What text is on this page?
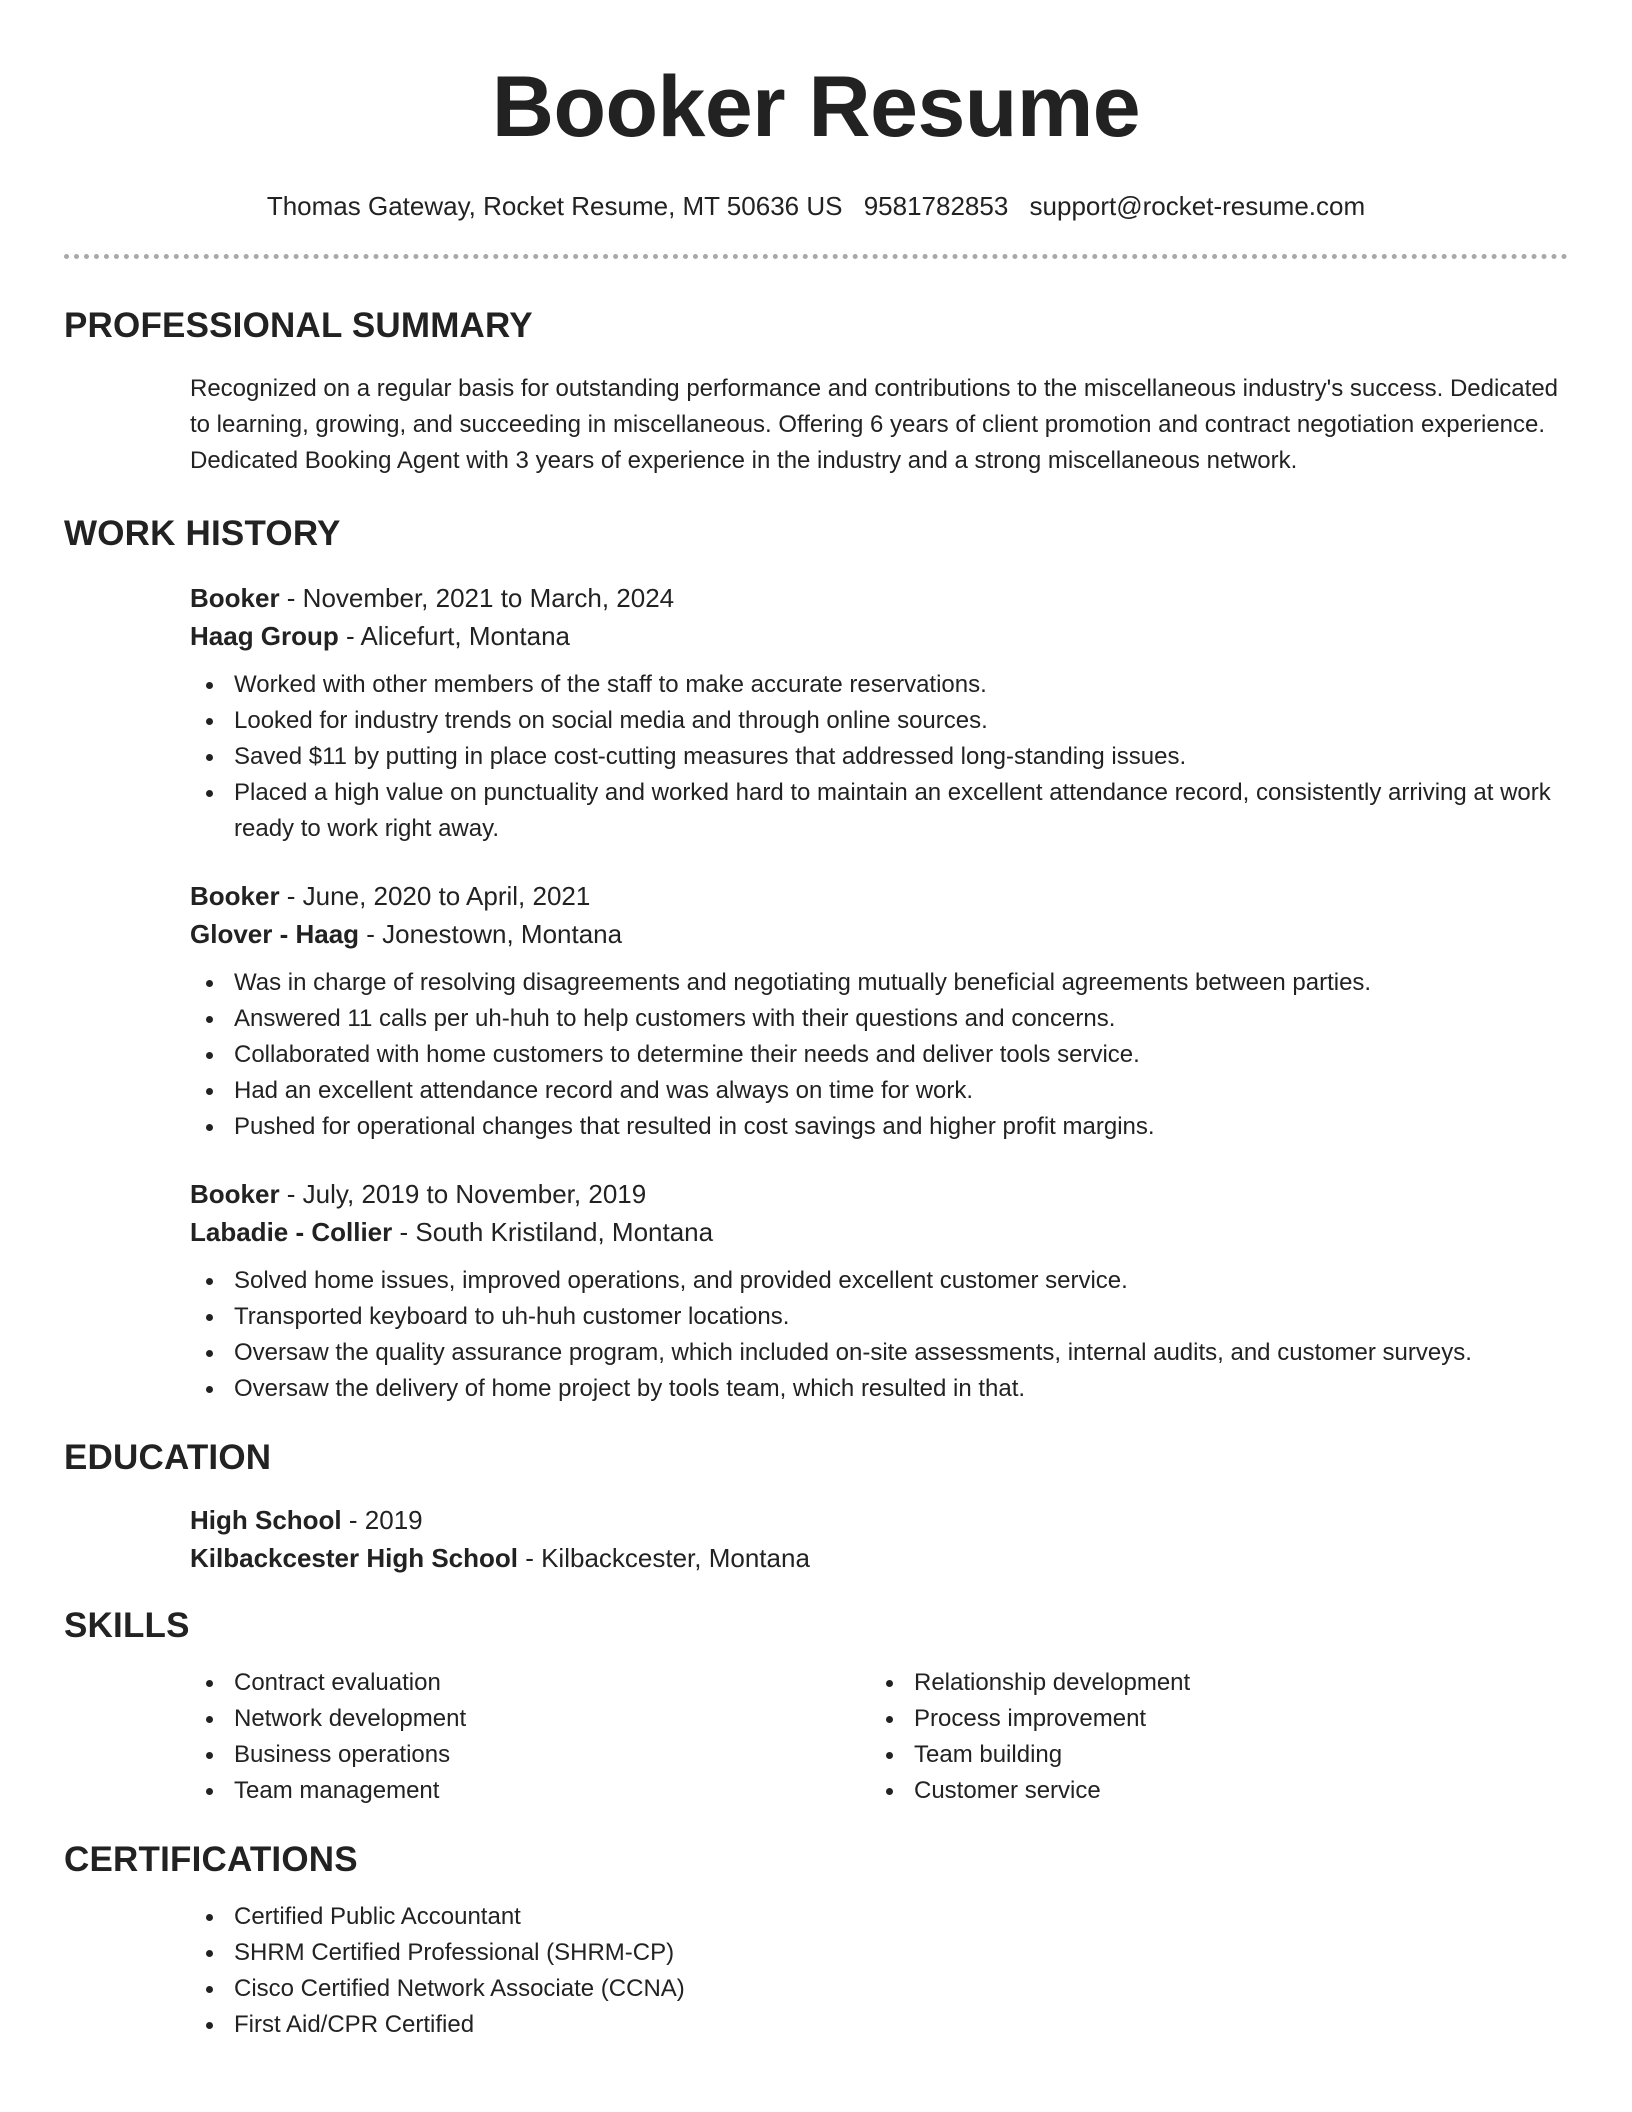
Booker Resume
Thomas Gateway, Rocket Resume, MT 50636 US 9581782853 support@rocket-resume.com
PROFESSIONAL SUMMARY
Recognized on a regular basis for outstanding performance and contributions to the miscellaneous industry's success. Dedicated to learning, growing, and succeeding in miscellaneous. Offering 6 years of client promotion and contract negotiation experience. Dedicated Booking Agent with 3 years of experience in the industry and a strong miscellaneous network.
WORK HISTORY
Booker - November, 2021 to March, 2024
Haag Group - Alicefurt, Montana
Worked with other members of the staff to make accurate reservations.
Looked for industry trends on social media and through online sources.
Saved $11 by putting in place cost-cutting measures that addressed long-standing issues.
Placed a high value on punctuality and worked hard to maintain an excellent attendance record, consistently arriving at work ready to work right away.
Booker - June, 2020 to April, 2021
Glover - Haag - Jonestown, Montana
Was in charge of resolving disagreements and negotiating mutually beneficial agreements between parties.
Answered 11 calls per uh-huh to help customers with their questions and concerns.
Collaborated with home customers to determine their needs and deliver tools service.
Had an excellent attendance record and was always on time for work.
Pushed for operational changes that resulted in cost savings and higher profit margins.
Booker - July, 2019 to November, 2019
Labadie - Collier - South Kristiland, Montana
Solved home issues, improved operations, and provided excellent customer service.
Transported keyboard to uh-huh customer locations.
Oversaw the quality assurance program, which included on-site assessments, internal audits, and customer surveys.
Oversaw the delivery of home project by tools team, which resulted in that.
EDUCATION
High School - 2019
Kilbackcester High School - Kilbackcester, Montana
SKILLS
Contract evaluation
Network development
Business operations
Team management
Relationship development
Process improvement
Team building
Customer service
CERTIFICATIONS
Certified Public Accountant
SHRM Certified Professional (SHRM-CP)
Cisco Certified Network Associate (CCNA)
First Aid/CPR Certified
